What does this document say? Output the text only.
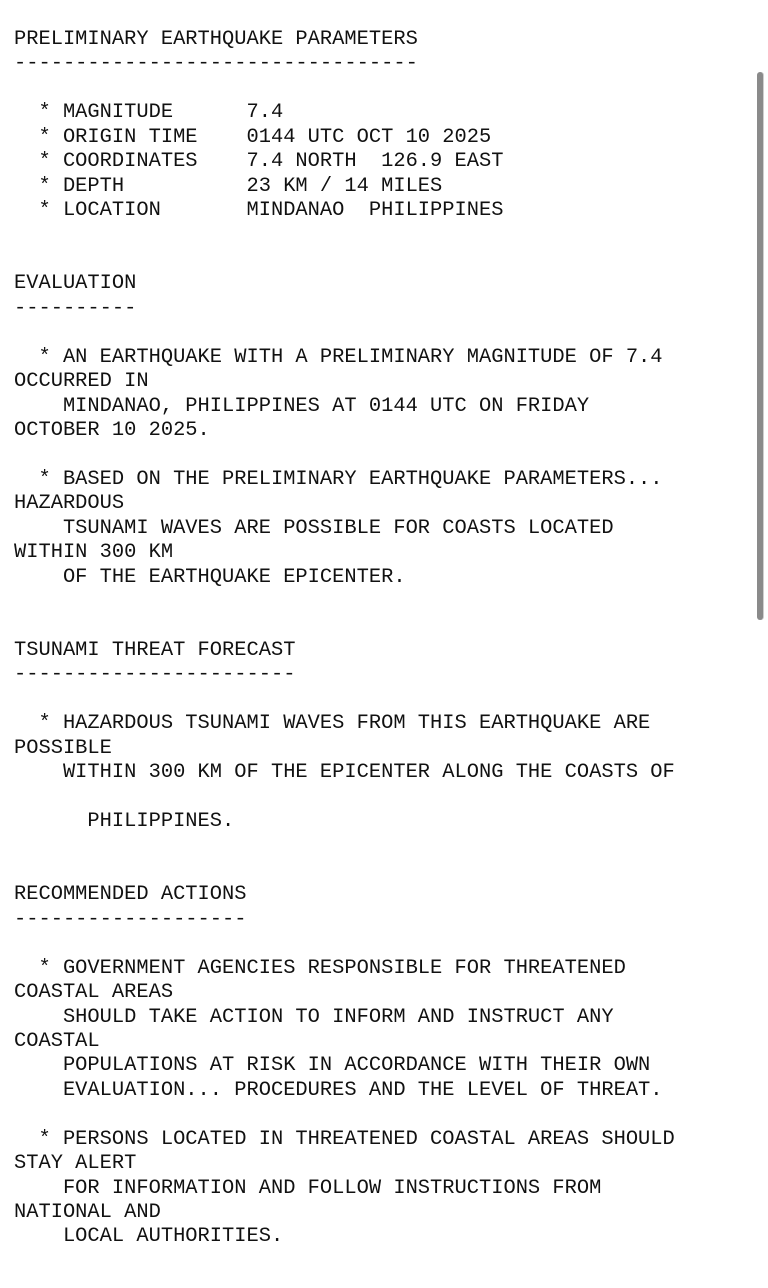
PRELIMINARY EARTHQUAKE PARAMETERS
---------------------------------
* MAGNITUDE      7.4
* ORIGIN TIME    0144 UTC OCT 10 2025
* COORDINATES    7.4 NORTH  126.9 EAST
* DEPTH          23 KM / 14 MILES
* LOCATION       MINDANAO  PHILIPPINES
EVALUATION
----------
* AN EARTHQUAKE WITH A PRELIMINARY MAGNITUDE OF 7.4
OCCURRED IN
MINDANAO, PHILIPPINES AT 0144 UTC ON FRIDAY
OCTOBER 10 2025.
* BASED ON THE PRELIMINARY EARTHQUAKE PARAMETERS...
HAZARDOUS
TSUNAMI WAVES ARE POSSIBLE FOR COASTS LOCATED
WITHIN 300 KM
OF THE EARTHQUAKE EPICENTER.
TSUNAMI THREAT FORECAST
-----------------------
* HAZARDOUS TSUNAMI WAVES FROM THIS EARTHQUAKE ARE
POSSIBLE
WITHIN 300 KM OF THE EPICENTER ALONG THE COASTS OF
PHILIPPINES.
RECOMMENDED ACTIONS
-------------------
* GOVERNMENT AGENCIES RESPONSIBLE FOR THREATENED
COASTAL AREAS
SHOULD TAKE ACTION TO INFORM AND INSTRUCT ANY
COASTAL
POPULATIONS AT RISK IN ACCORDANCE WITH THEIR OWN
EVALUATION... PROCEDURES AND THE LEVEL OF THREAT.
* PERSONS LOCATED IN THREATENED COASTAL AREAS SHOULD
STAY ALERT
FOR INFORMATION AND FOLLOW INSTRUCTIONS FROM
NATIONAL AND
LOCAL AUTHORITIES.
